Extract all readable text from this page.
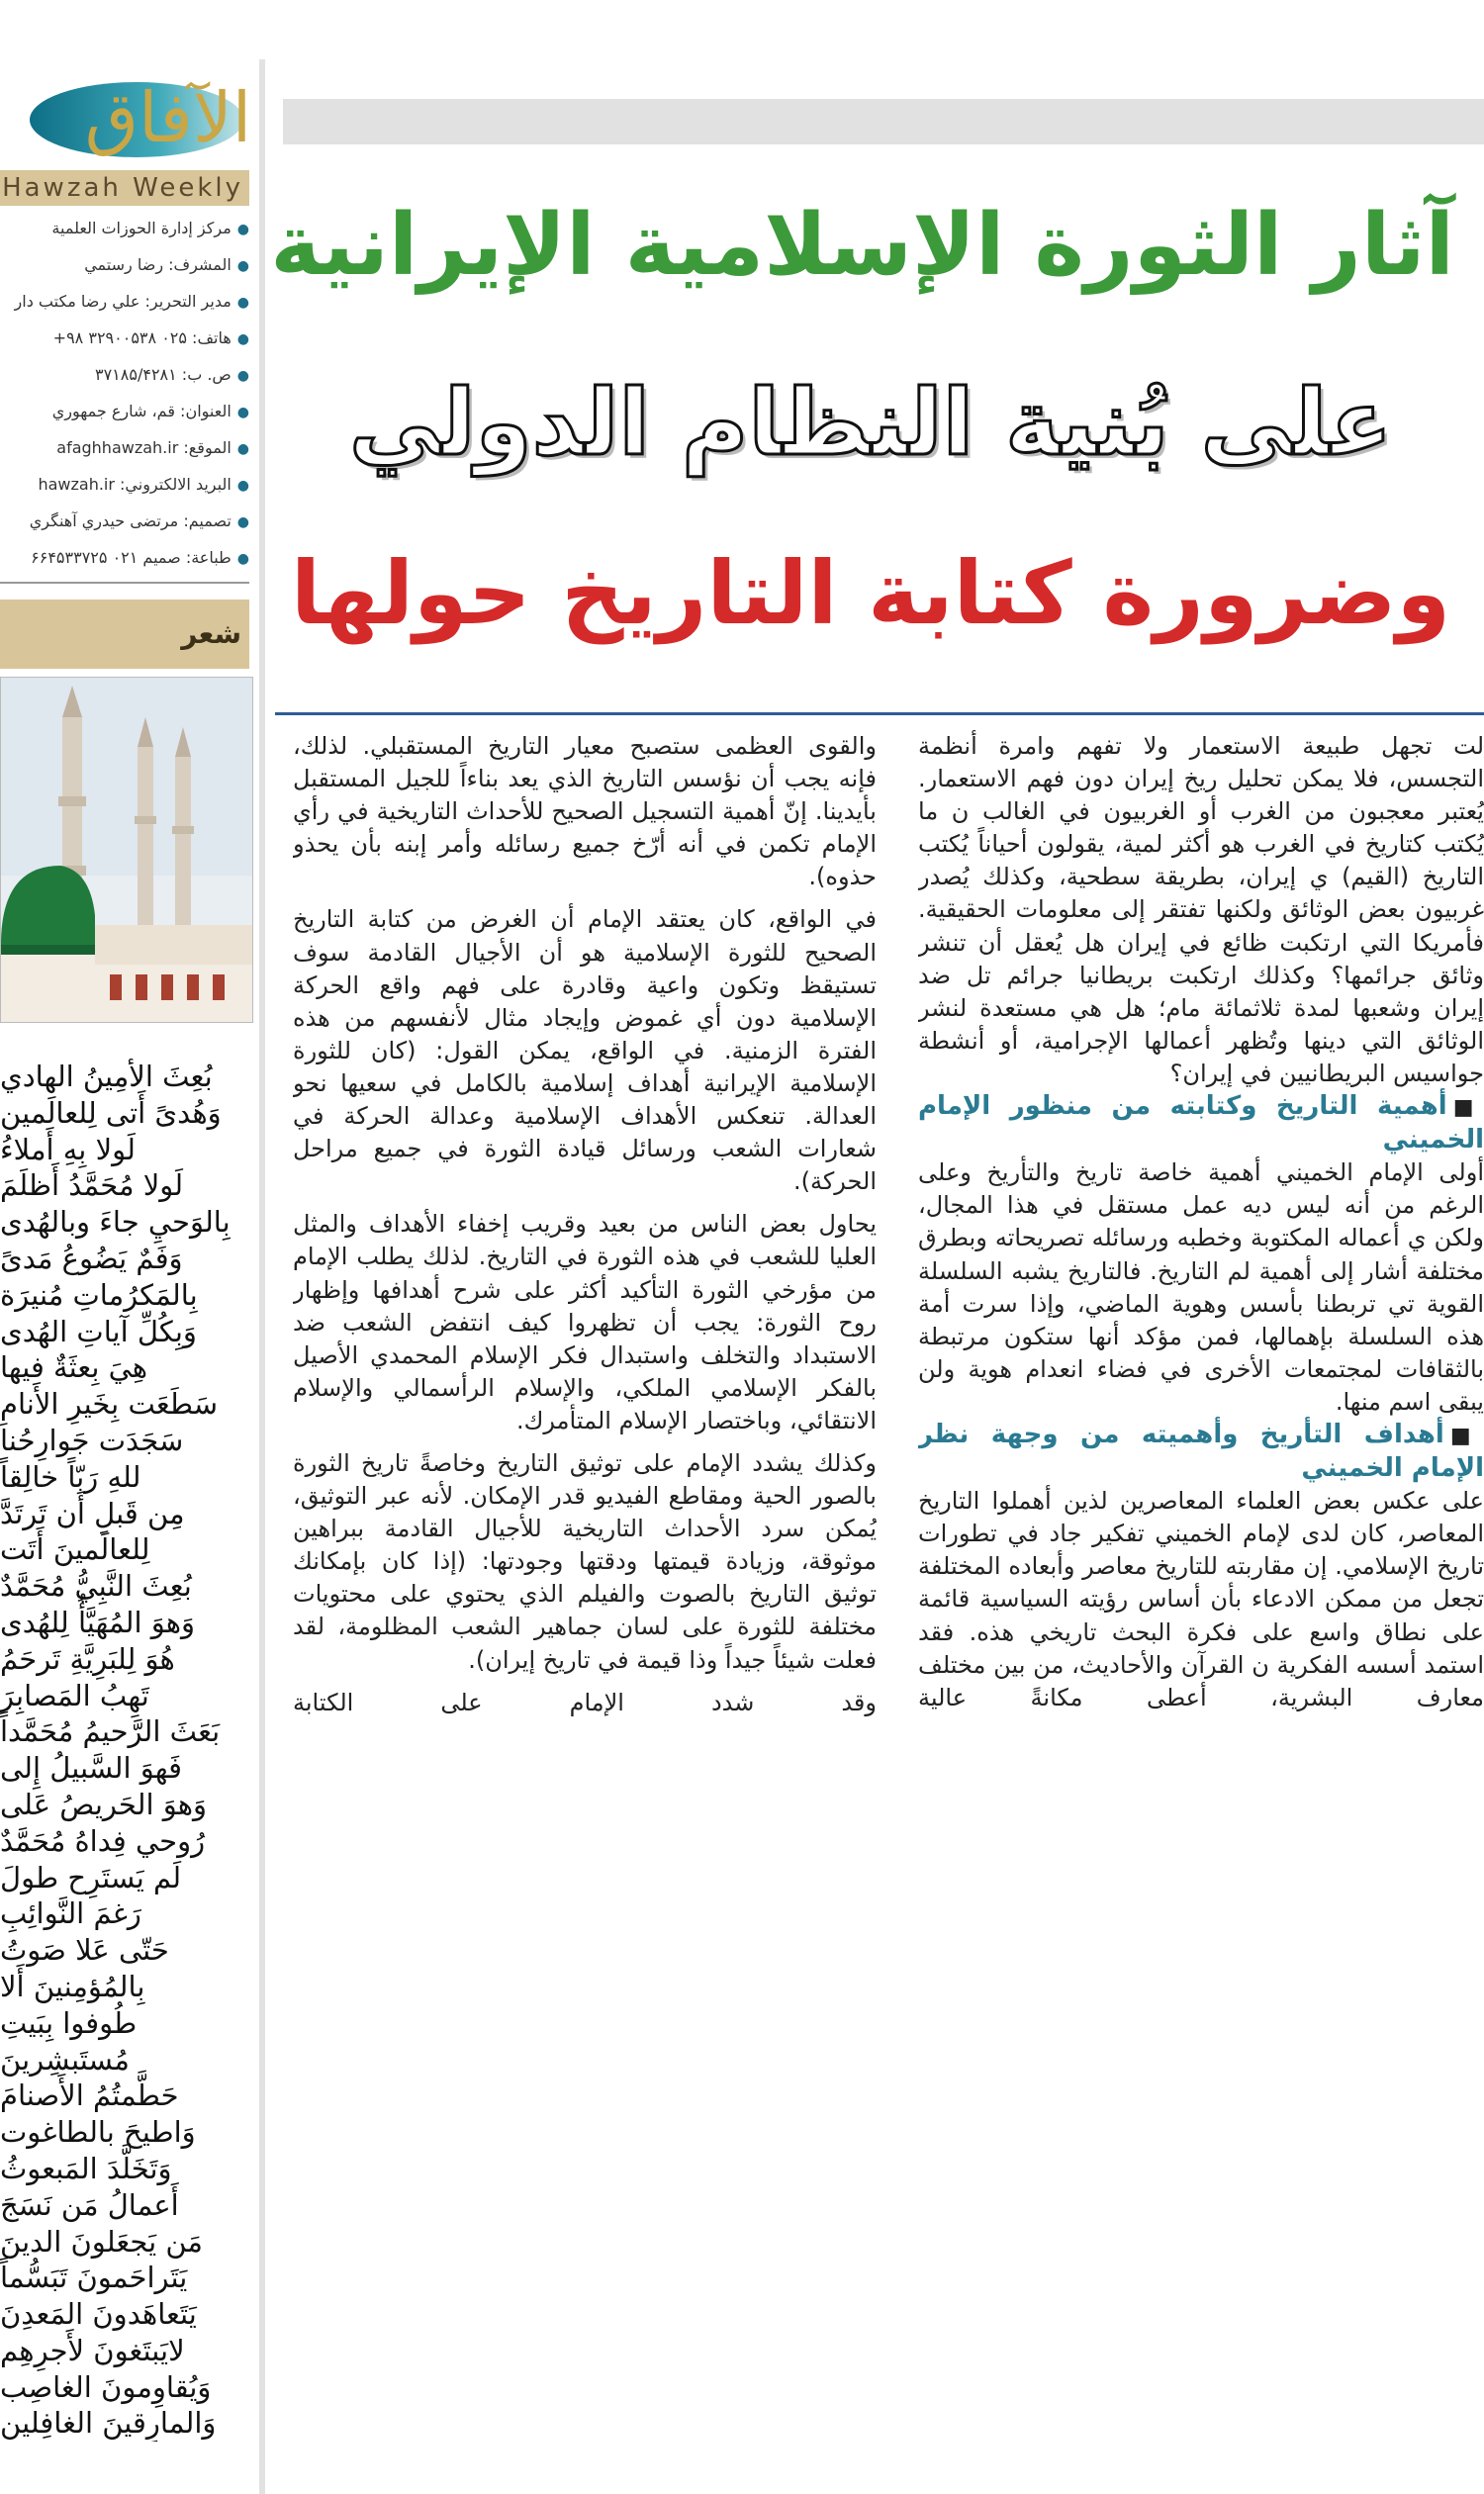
الآفاق
Hawzah Weekly
●مركز إدارة الحوزات العلمية
●المشرف: رضا رستمي
●مدير التحرير: علي رضا مكتب دار
●هاتف: ۰۲۵ ۳۲۹۰۰۵۳۸ ۹۸+
●ص. ب: ۳۷۱۸۵/۴۲۸۱
●العنوان: قم، شارع جمهوري
●الموقع: afaghhawzah.ir
●البريد الالكتروني: hawzah.ir
●تصميم: مرتضى حيدري آهنگري
●طباعة: صميم ۰۲۱ ۶۶۴۵۳۳۷۲۵
شعر
بُعِثَ الأَمِينُ الهادي
وَهُدىً أَتى لِلعالَمين
لَولا بِهِ أَملاءُ
لَولا مُحَمَّدُ أَظلَمَ
بِالوَحيِ جاءَ وبالهُدى
وَفَمٌ يَضُوعُ مَدىً
بِالمَكرُماتِ مُنيرَة
وَبِكُلِّ آياتِ الهُدى
هِيَ بِعثَةٌ فيها
سَطَعَت بِخَيرِ الأَنامِ
سَجَدَت جَوارِحُنا
للهِ رَبّاً خالِقاً
مِن قَبلِ أَن تَرتَدَّ
لِلعالَمينَ أَتَت
بُعِثَ النَّبِيُّ مُحَمَّدٌ
وَهوَ المُهَيَّأُ لِلهُدى
هُوَ لِلبَرِيَّةِ تَرحَمُ
تَهِبُ المَصابِرَ
بَعَثَ الرَّحيمُ مُحَمَّداً
فَهوَ السَّبيلُ إِلى
وَهوَ الحَريصُ عَلى
رُوحي فِداهُ مُحَمَّدٌ
لَم يَستَرِح طولَ
رَغمَ النَّوائِبِ
حَتّى عَلا صَوتُ
بِالمُؤمِنينَ أَلا
طُوفوا بِبَيتِ
مُستَبشِرينَ
حَطَّمتُمُ الأَصنامَ
وَاطيحَ بالطاغوت
وَتَخَلَّدَ المَبعوثُ
أَعمالُ مَن نَسَجَ
مَن يَجعَلونَ الدينَ
يَتَراحَمونَ تَبَسُّماً
يَتَعاهَدونَ المَعدِنَ
لايَبتَغونَ لأَجرِهِم
وَيُقاوِمونَ الغاصِب
وَالمارِقينَ الغافِلين
آثار الثورة الإسلامية الإيرانية
على بُنية النظام الدولي
وضرورة كتابة التاريخ حولها
لت تجهل طبيعة الاستعمار ولا تفهم وامرة أنظمة التجسس، فلا يمكن تحليل ريخ إيران دون فهم الاستعمار. يُعتبر معجبون من الغرب أو الغربيون في الغالب ن ما يُكتب كتاريخ في الغرب هو أكثر لمية، يقولون أحياناً يُكتب التاريخ (القيم) ي إيران، بطريقة سطحية، وكذلك يُصدر غربيون بعض الوثائق ولكنها تفتقر إلى معلومات الحقيقية. فأمريكا التي ارتكبت ظائع في إيران هل يُعقل أن تنشر وثائق جرائمها؟ وكذلك ارتكبت بريطانيا جرائم تل ضد إيران وشعبها لمدة ثلاثمائة مام؛ هل هي مستعدة لنشر الوثائق التي دينها وتُظهر أعمالها الإجرامية، أو أنشطة جواسيس البريطانيين في إيران؟
■أهمية التاريخ وكتابته من منظور الإمام الخميني
أولى الإمام الخميني أهمية خاصة تاريخ والتأريخ وعلى الرغم من أنه ليس ديه عمل مستقل في هذا المجال، ولكن ي أعماله المكتوبة وخطبه ورسائله تصريحاته وبطرق مختلفة أشار إلى أهمية لم التاريخ. فالتاريخ يشبه السلسلة القوية تي تربطنا بأسس وهوية الماضي، وإذا سرت أمة هذه السلسلة بإهمالها، فمن مؤكد أنها ستكون مرتبطة بالثقافات لمجتمعات الأخرى في فضاء انعدام هوية ولن يبقى اسم منها.
■أهداف التأريخ وأهميته من وجهة نظر الإمام الخميني
على عكس بعض العلماء المعاصرين لذين أهملوا التاريخ المعاصر، كان لدى لإمام الخميني تفكير جاد في تطورات تاريخ الإسلامي. إن مقاربته للتاريخ معاصر وأبعاده المختلفة تجعل من ممكن الادعاء بأن أساس رؤيته السياسية قائمة على نطاق واسع على فكرة البحث تاريخي هذه. فقد استمد أسسه الفكرية ن القرآن والأحاديث، من بين مختلف معارف البشرية، أعطى مكانةً عالية
والقوى العظمى ستصبح معيار التاريخ المستقبلي. لذلك، فإنه يجب أن نؤسس التاريخ الذي يعد بناءاً للجيل المستقبل بأيدينا. إنّ أهمية التسجيل الصحيح للأحداث التاريخية في رأي الإمام تكمن في أنه أرّخ جميع رسائله وأمر إبنه بأن يحذو حذوه).
في الواقع، كان يعتقد الإمام أن الغرض من كتابة التاريخ الصحيح للثورة الإسلامية هو أن الأجيال القادمة سوف تستيقظ وتكون واعية وقادرة على فهم واقع الحركة الإسلامية دون أي غموض وإيجاد مثال لأنفسهم من هذه الفترة الزمنية. في الواقع، يمكن القول: (كان للثورة الإسلامية الإيرانية أهداف إسلامية بالكامل في سعيها نحو العدالة. تنعكس الأهداف الإسلامية وعدالة الحركة في شعارات الشعب ورسائل قيادة الثورة في جميع مراحل الحركة).
يحاول بعض الناس من بعيد وقريب إخفاء الأهداف والمثل العليا للشعب في هذه الثورة في التاريخ. لذلك يطلب الإمام من مؤرخي الثورة التأكيد أكثر على شرح أهدافها وإظهار روح الثورة: يجب أن تظهروا كيف انتفض الشعب ضد الاستبداد والتخلف واستبدال فكر الإسلام المحمدي الأصيل بالفكر الإسلامي الملكي، والإسلام الرأسمالي والإسلام الانتقائي، وباختصار الإسلام المتأمرك.
وكذلك يشدد الإمام على توثيق التاريخ وخاصةً تاريخ الثورة بالصور الحية ومقاطع الفيديو قدر الإمكان. لأنه عبر التوثيق، يُمكن سرد الأحداث التاريخية للأجيال القادمة ببراهين موثوقة، وزيادة قيمتها ودقتها وجودتها: (إذا كان بإمكانك توثيق التاريخ بالصوت والفيلم الذي يحتوي على محتويات مختلفة للثورة على لسان جماهير الشعب المظلومة، لقد فعلت شيئاً جيداً وذا قيمة في تاريخ إيران).
وقد شدد الإمام على الكتابة
